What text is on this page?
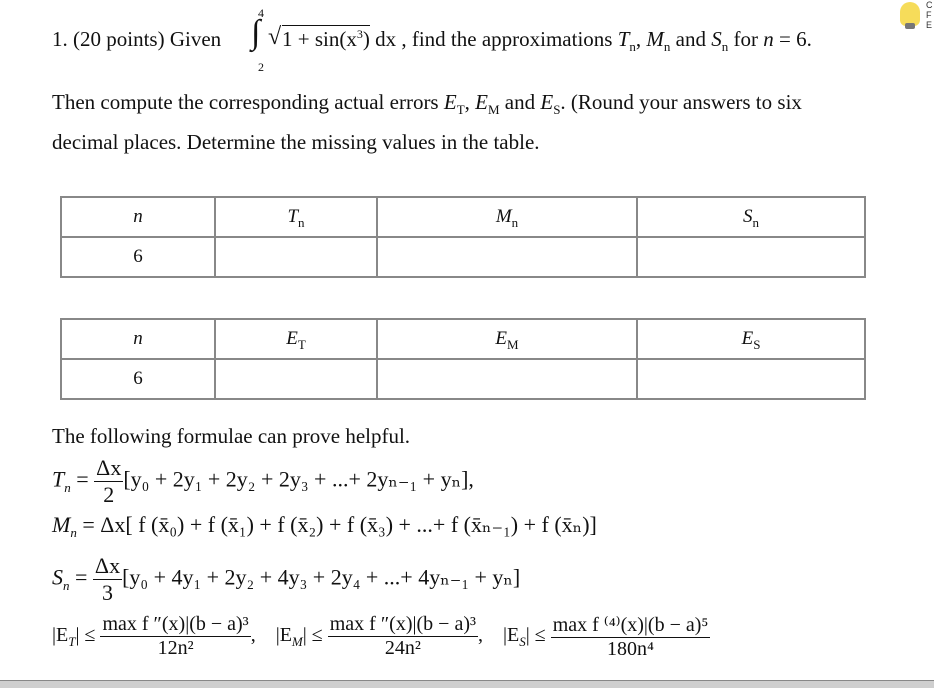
C
F
E
1. (20 points) Given
4
∫
2
√ $1 + \sin(x^3)$ dx , find the approximations $T_n$, $M_n$ and $S_n$ for n = 6.
Then compute the corresponding actual errors $E_T$, $E_M$ and $E_S$. (Round your answers to six
decimal places. Determine the missing values in the table.
n	$T_n$	$M_n$	$S_n$
6			
n	$E_T$	$E_M$	$E_S$
6			
The following formulae can prove helpful.
$T_n = \frac{\Delta x}{2} [y_0 + 2y_1 + 2y_2 + 2y_3$ + ...+ 2yₙ₋₁ + yₙ],
$M_n = \Delta x$[ f (x̄₀) + f (x̄₁) + f (x̄₂) + f (x̄₃) + ...+ f (x̄ₙ₋₁) + f (x̄ₙ)]
$S_n = \frac{\Delta x}{3} [y_0 + 4y_1 + 2y_2 + 4y_3 + 2y_4$ + ...+ 4yₙ₋₁ + yₙ]
$|E_T| \le \frac{\text{max f ″(x)|(b − a)³}}{\text{12n²}}$ ,    $|E_M| \le \frac{\text{max f ″(x)|(b − a)³}}{\text{24n²}}$ ,    $|E_S| \le \frac{\text{max f ⁽⁴⁾(x)|(b − a)⁵}}{\text{180n⁴}}$
